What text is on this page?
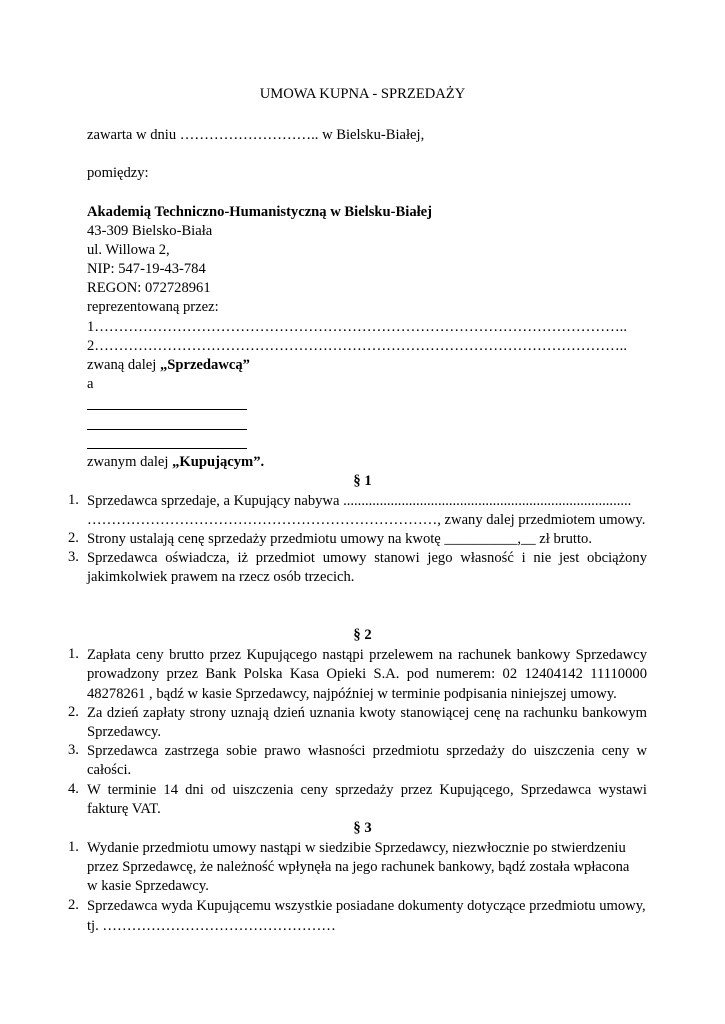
UMOWA KUPNA - SPRZEDAŻY
zawarta w dniu ……………………….. w Bielsku-Białej,
pomiędzy:
Akademią Techniczno-Humanistyczną w Bielsku-Białej
43-309 Bielsko-Biała
ul. Willowa 2,
NIP: 547-19-43-784
REGON: 072728961
reprezentowaną przez:
1………………………………………………………………………………………………..
2………………………………………………………………………………………………..
zwaną dalej „Sprzedawcą”
a
zwanym dalej „Kupującym”.
§ 1
1. Sprzedawca sprzedaje, a Kupujący nabywa ...............................................................................
………………………………………………………………, zwany dalej przedmiotem umowy.
2. Strony ustalają cenę sprzedaży przedmiotu umowy na kwotę __________,__ zł brutto.
3. Sprzedawca oświadcza, iż przedmiot umowy stanowi jego własność i nie jest obciążony jakimkolwiek prawem na rzecz osób trzecich.
§ 2
1. Zapłata ceny brutto przez Kupującego nastąpi przelewem na rachunek bankowy Sprzedawcy prowadzony przez Bank Polska Kasa Opieki S.A. pod numerem: 02 12404142 11110000 48278261 , bądź w kasie Sprzedawcy, najpóźniej w terminie podpisania niniejszej umowy.
2. Za dzień zapłaty strony uznają dzień uznania kwoty stanowiącej cenę na rachunku bankowym Sprzedawcy.
3. Sprzedawca zastrzega sobie prawo własności przedmiotu sprzedaży do uiszczenia ceny w całości.
4. W terminie 14 dni od uiszczenia ceny sprzedaży przez Kupującego, Sprzedawca wystawi fakturę VAT.
§ 3
1. Wydanie przedmiotu umowy nastąpi w siedzibie Sprzedawcy, niezwłocznie po stwierdzeniu
przez Sprzedawcę, że należność wpłynęła na jego rachunek bankowy, bądź została wpłacona
w kasie Sprzedawcy.
2. Sprzedawca wyda Kupującemu wszystkie posiadane dokumenty dotyczące przedmiotu umowy,
tj. …………………………………………
